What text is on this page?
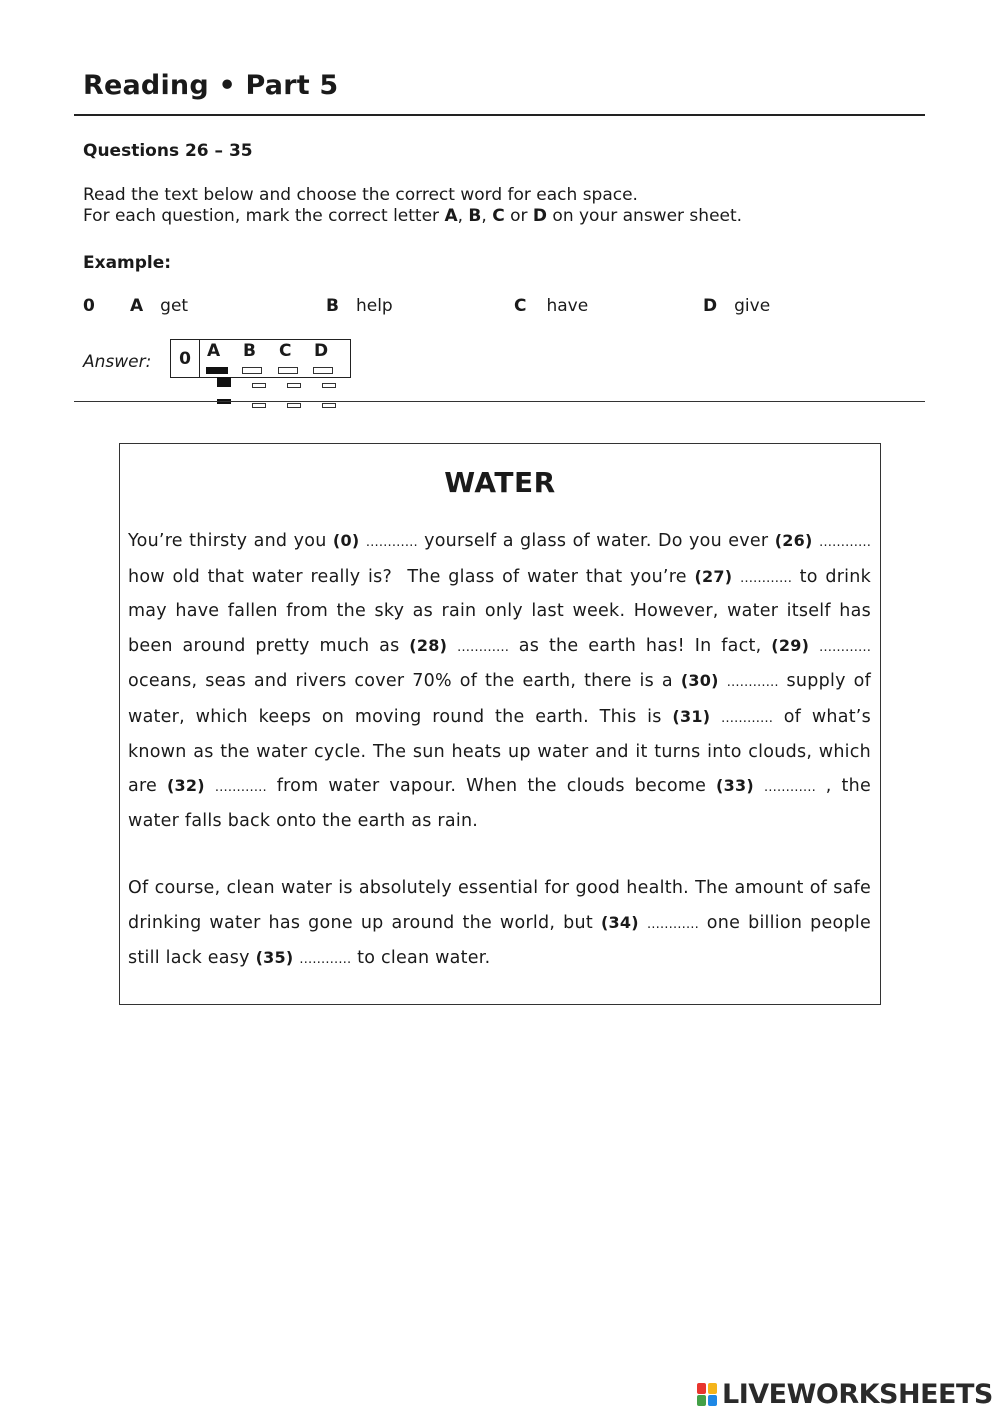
Reading • Part 5
Questions 26 – 35
Read the text below and choose the correct word for each space.
For each question, mark the correct letter A, B, C or D on your answer sheet.
Example:
0 A get	B help	C have	D give
Answer:	0 A B C D
WATER

You’re thirsty and you (0) ………… yourself a glass of water. Do you ever (26) ………… how old that water really is?  The glass of water that you’re (27) ………… to drink may have fallen from the sky as rain only last week. However, water itself has been around pretty much as (28) ………… as the earth has! In fact, (29) ………… oceans, seas and rivers cover 70% of the earth, there is a (30) ………… supply of water, which keeps on moving round the earth. This is (31) ………… of what’s known as the water cycle. The sun heats up water and it turns into clouds, which are (32) ………… from water vapour. When the clouds become (33) ………… , the water falls back onto the earth as rain.

Of course, clean water is absolutely essential for good health. The amount of safe drinking water has gone up around the world, but (34) ………… one billion people still lack easy (35) ………… to clean water.

LIVEWORKSHEETS
